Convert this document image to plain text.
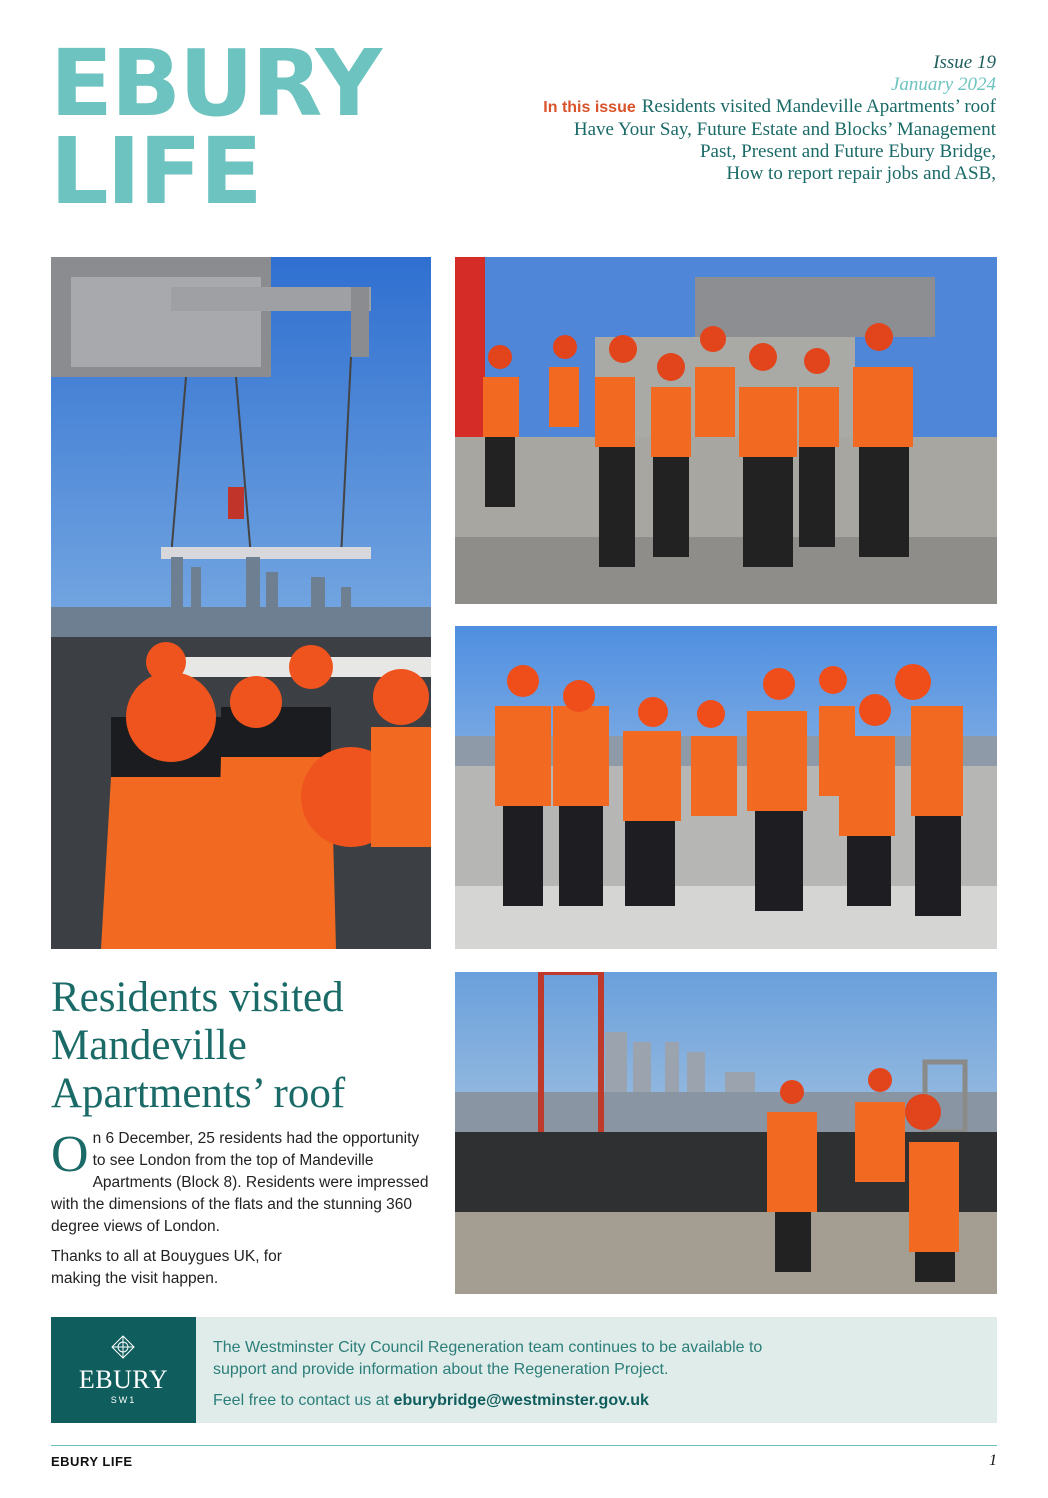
EBURY
LIFE
Issue 19
January 2024
In this issue Residents visited Mandeville Apartments’ roof
Have Your Say, Future Estate and Blocks’ Management
Past, Present and Future Ebury Bridge,
How to report repair jobs and ASB,
Residents visited
Mandeville
Apartments’ roof

On 6 December, 25 residents had the opportunity to see London from the top of Mandeville Apartments (Block 8). Residents were impressed with the dimensions of the flats and the stunning 360 degree views of London.

Thanks to all at Bouygues UK, for making the visit happen.

EBURY
SW1

The Westminster City Council Regeneration team continues to be available to support and provide information about the Regeneration Project.

Feel free to contact us at eburybridge@westminster.gov.uk

EBURY LIFE	1
